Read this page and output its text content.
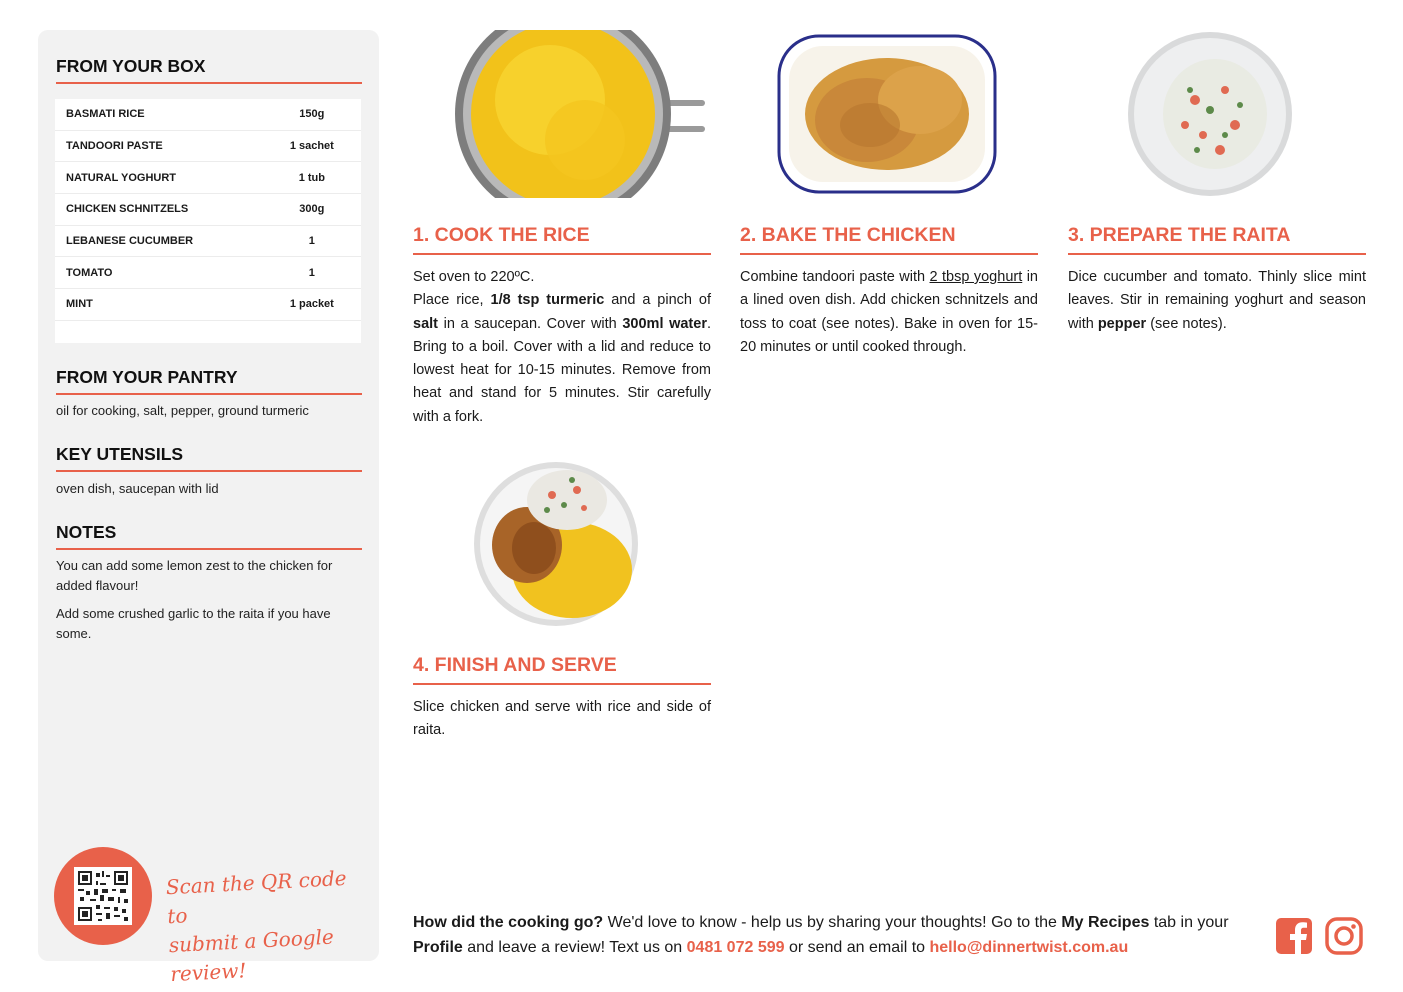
FROM YOUR BOX
BASMATI RICE	150g
TANDOORI PASTE	1 sachet
NATURAL YOGHURT	1 tub
CHICKEN SCHNITZELS	300g
LEBANESE CUCUMBER	1
TOMATO	1
MINT	1 packet
FROM YOUR PANTRY
oil for cooking, salt, pepper, ground turmeric
KEY UTENSILS
oven dish, saucepan with lid
NOTES
You can add some lemon zest to the chicken for added flavour!
Add some crushed garlic to the raita if you have some.
Scan the QR code to
submit a Google review!
1. COOK THE RICE	2. BAKE THE CHICKEN	3. PREPARE THE RAITA
4. FINISH AND SERVE
Set oven to 220ºC.
Place rice, 1/8 tsp turmeric and a pinch of salt in a saucepan. Cover with 300ml water. Bring to a boil. Cover with a lid and reduce to lowest heat for 10-15 minutes. Remove from heat and stand for 5 minutes. Stir carefully with a fork.
Combine tandoori paste with 2 tbsp yoghurt in a lined oven dish. Add chicken schnitzels and toss to coat (see notes). Bake in oven for 15-20 minutes or until cooked through.
Dice cucumber and tomato. Thinly slice mint leaves. Stir in remaining yoghurt and season with pepper (see notes).
Slice chicken and serve with rice and side of raita.
How did the cooking go? We'd love to know - help us by sharing your thoughts! Go to the My Recipes tab in your Profile and leave a review! Text us on 0481 072 599 or send an email to hello@dinnertwist.com.au
